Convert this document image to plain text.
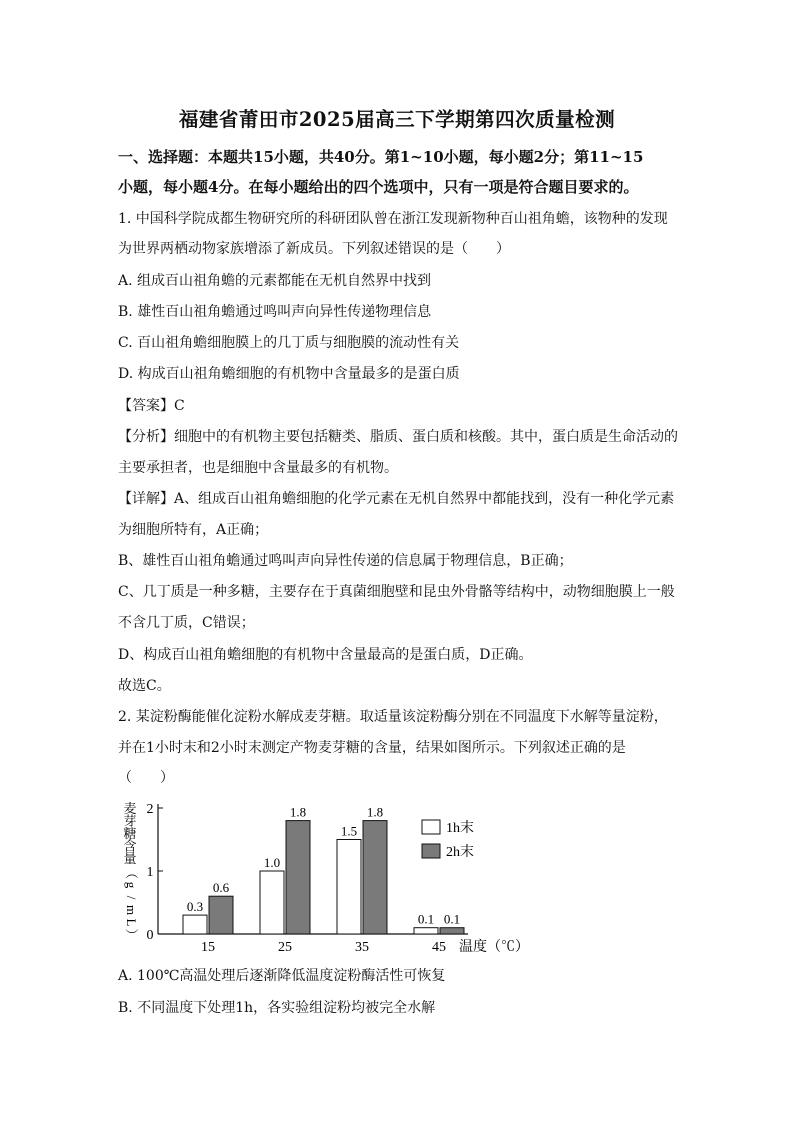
福建省莆田市2025届高三下学期第四次质量检测
一、选择题：本题共15小题，共40分。第1~10小题，每小题2分；第11~15
小题，每小题4分。在每小题给出的四个选项中，只有一项是符合题目要求的。
1. 中国科学院成都生物研究所的科研团队曾在浙江发现新物种百山祖角蟾，该物种的发现
为世界两栖动物家族增添了新成员。下列叙述错误的是（　　）
A. 组成百山祖角蟾的元素都能在无机自然界中找到
B. 雄性百山祖角蟾通过鸣叫声向异性传递物理信息
C. 百山祖角蟾细胞膜上的几丁质与细胞膜的流动性有关
D. 构成百山祖角蟾细胞的有机物中含量最多的是蛋白质
【答案】C
【分析】细胞中的有机物主要包括糖类、脂质、蛋白质和核酸。其中，蛋白质是生命活动的
主要承担者，也是细胞中含量最多的有机物。
【详解】A、组成百山祖角蟾细胞的化学元素在无机自然界中都能找到，没有一种化学元素
为细胞所特有，A正确；
B、雄性百山祖角蟾通过鸣叫声向异性传递的信息属于物理信息，B正确；
C、几丁质是一种多糖，主要存在于真菌细胞壁和昆虫外骨骼等结构中，动物细胞膜上一般
不含几丁质，C错误；
D、构成百山祖角蟾细胞的有机物中含量最高的是蛋白质，D正确。
故选C。
2. 某淀粉酶能催化淀粉水解成麦芽糖。取适量该淀粉酶分别在不同温度下水解等量淀粉，
并在1小时末和2小时末测定产物麦芽糖的含量，结果如图所示。下列叙述正确的是
（　　）
麦
芽
糖
含
量
（
g
/
m
L
） 0
1
2
0.3
0.6
15
1.0
1.8
25
1.5
1.8
35
0.1 0.1
45 温度（℃）
1h末
2h末
A. 100℃高温处理后逐渐降低温度淀粉酶活性可恢复
B. 不同温度下处理1h，各实验组淀粉均被完全水解
